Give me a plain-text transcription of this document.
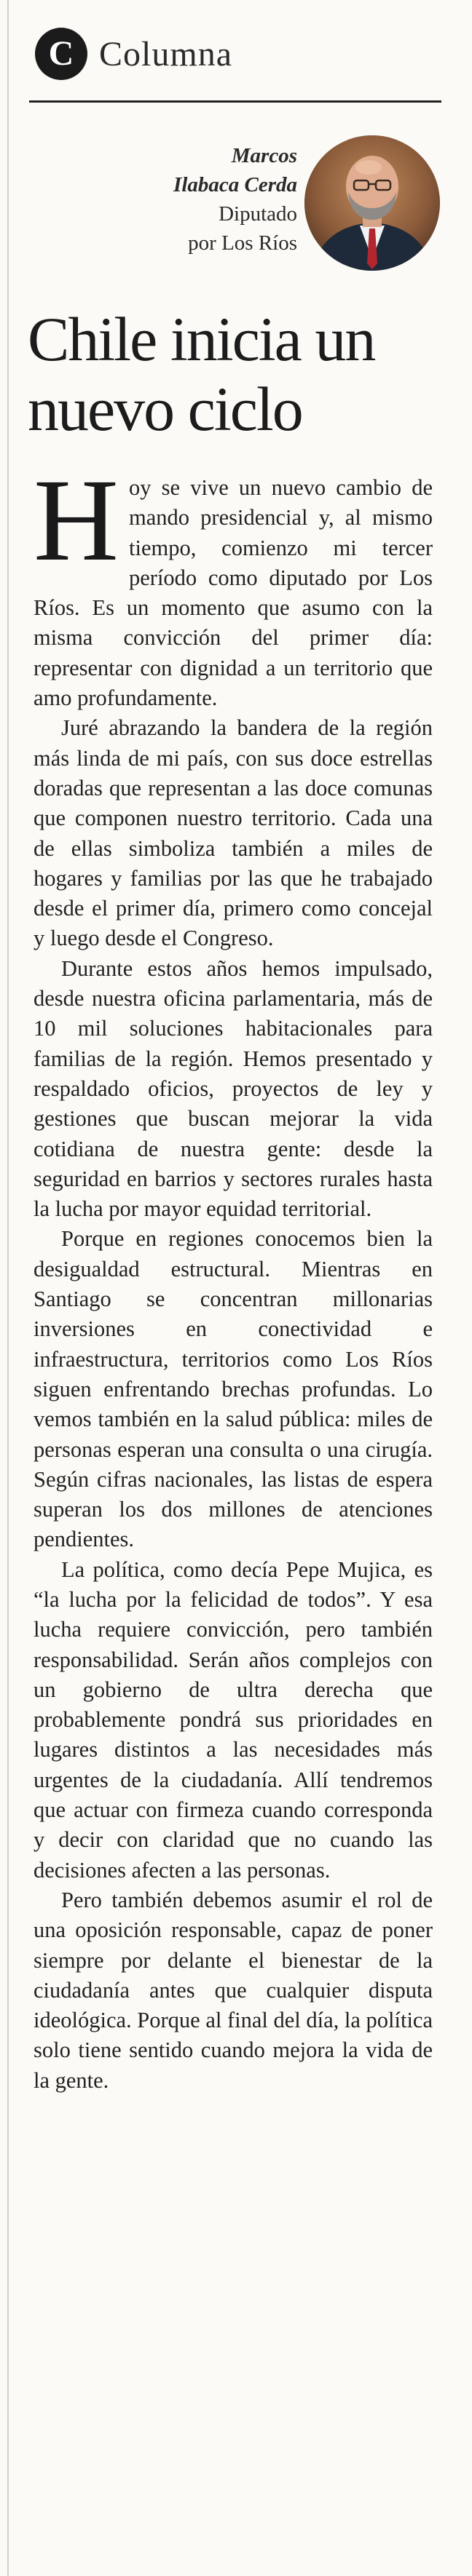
C Columna
Marcos
Ilabaca Cerda
Diputado
por Los Ríos
Chile inicia un
nuevo ciclo

Hoy se vive un nuevo cambio de mando presidencial y, al mismo tiempo, comienzo mi tercer período como diputado por Los Ríos. Es un momento que asumo con la misma convicción del primer día: representar con dignidad a un territorio que amo profundamente.

Juré abrazando la bandera de la región más linda de mi país, con sus doce estrellas doradas que representan a las doce comunas que componen nuestro territorio. Cada una de ellas simboliza también a miles de hogares y familias por las que he trabajado desde el primer día, primero como concejal y luego desde el Congreso.

Durante estos años hemos impulsado, desde nuestra oficina parlamentaria, más de 10 mil soluciones habitacionales para familias de la región. Hemos presentado y respaldado oficios, proyectos de ley y gestiones que buscan mejorar la vida cotidiana de nuestra gente: desde la seguridad en barrios y sectores rurales hasta la lucha por mayor equidad territorial.

Porque en regiones conocemos bien la desigualdad estructural. Mientras en Santiago se concentran millonarias inversiones en conectividad e infraestructura, territorios como Los Ríos siguen enfrentando brechas profundas. Lo vemos también en la salud pública: miles de personas esperan una consulta o una cirugía. Según cifras nacionales, las listas de espera superan los dos millones de atenciones pendientes.

La política, como decía Pepe Mujica, es “la lucha por la felicidad de todos”. Y esa lucha requiere convicción, pero también responsabilidad. Serán años complejos con un gobierno de ultra derecha que probablemente pondrá sus prioridades en lugares distintos a las necesidades más urgentes de la ciudadanía. Allí tendremos que actuar con firmeza cuando corresponda y decir con claridad que no cuando las decisiones afecten a las personas.

Pero también debemos asumir el rol de una oposición responsable, capaz de poner siempre por delante el bienestar de la ciudadanía antes que cualquier disputa ideológica. Porque al final del día, la política solo tiene sentido cuando mejora la vida de la gente.
